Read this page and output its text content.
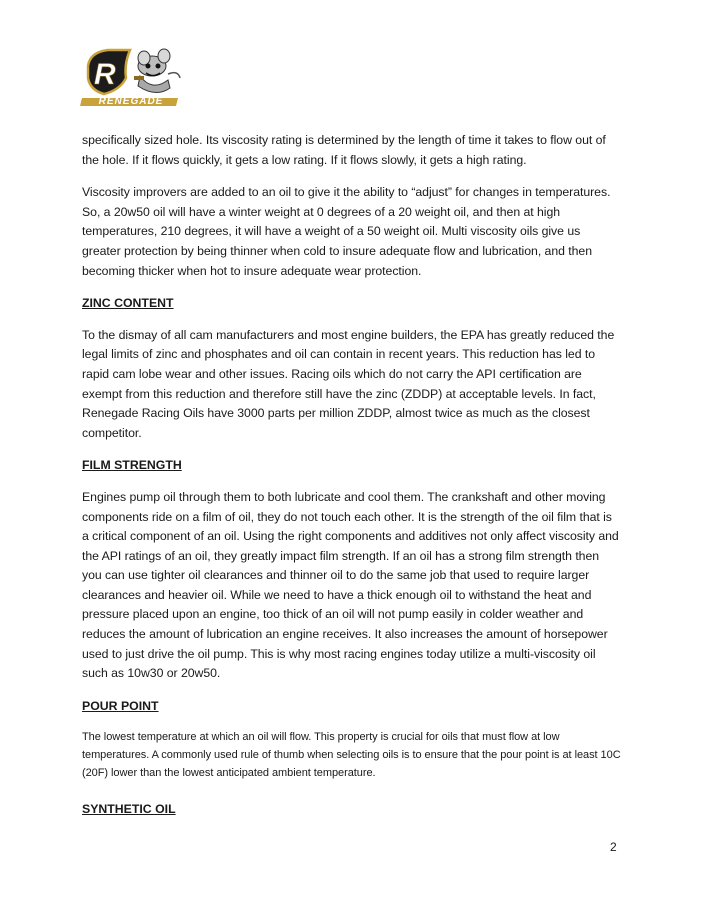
R
RENEGADE

specifically sized hole. Its viscosity rating is determined by the length of time it takes to flow out of the hole. If it flows quickly, it gets a low rating. If it flows slowly, it gets a high rating.

Viscosity improvers are added to an oil to give it the ability to “adjust” for changes in temperatures. So, a 20w50 oil will have a winter weight at 0 degrees of a 20 weight oil, and then at high temperatures, 210 degrees, it will have a weight of a 50 weight oil. Multi viscosity oils give us greater protection by being thinner when cold to insure adequate flow and lubrication, and then becoming thicker when hot to insure adequate wear protection.

ZINC CONTENT

To the dismay of all cam manufacturers and most engine builders, the EPA has greatly reduced the legal limits of zinc and phosphates and oil can contain in recent years. This reduction has led to rapid cam lobe wear and other issues. Racing oils which do not carry the API certification are exempt from this reduction and therefore still have the zinc (ZDDP) at acceptable levels. In fact, Renegade Racing Oils have 3000 parts per million ZDDP, almost twice as much as the closest competitor.

FILM STRENGTH

Engines pump oil through them to both lubricate and cool them. The crankshaft and other moving components ride on a film of oil, they do not touch each other. It is the strength of the oil film that is a critical component of an oil. Using the right components and additives not only affect viscosity and the API ratings of an oil, they greatly impact film strength. If an oil has a strong film strength then you can use tighter oil clearances and thinner oil to do the same job that used to require larger clearances and heavier oil. While we need to have a thick enough oil to withstand the heat and pressure placed upon an engine, too thick of an oil will not pump easily in colder weather and reduces the amount of lubrication an engine receives. It also increases the amount of horsepower used to just drive the oil pump. This is why most racing engines today utilize a multi-viscosity oil such as 10w30 or 20w50.

POUR POINT

The lowest temperature at which an oil will flow. This property is crucial for oils that must flow at low temperatures. A commonly used rule of thumb when selecting oils is to ensure that the pour point is at least 10C (20F) lower than the lowest anticipated ambient temperature.

SYNTHETIC OIL
2
